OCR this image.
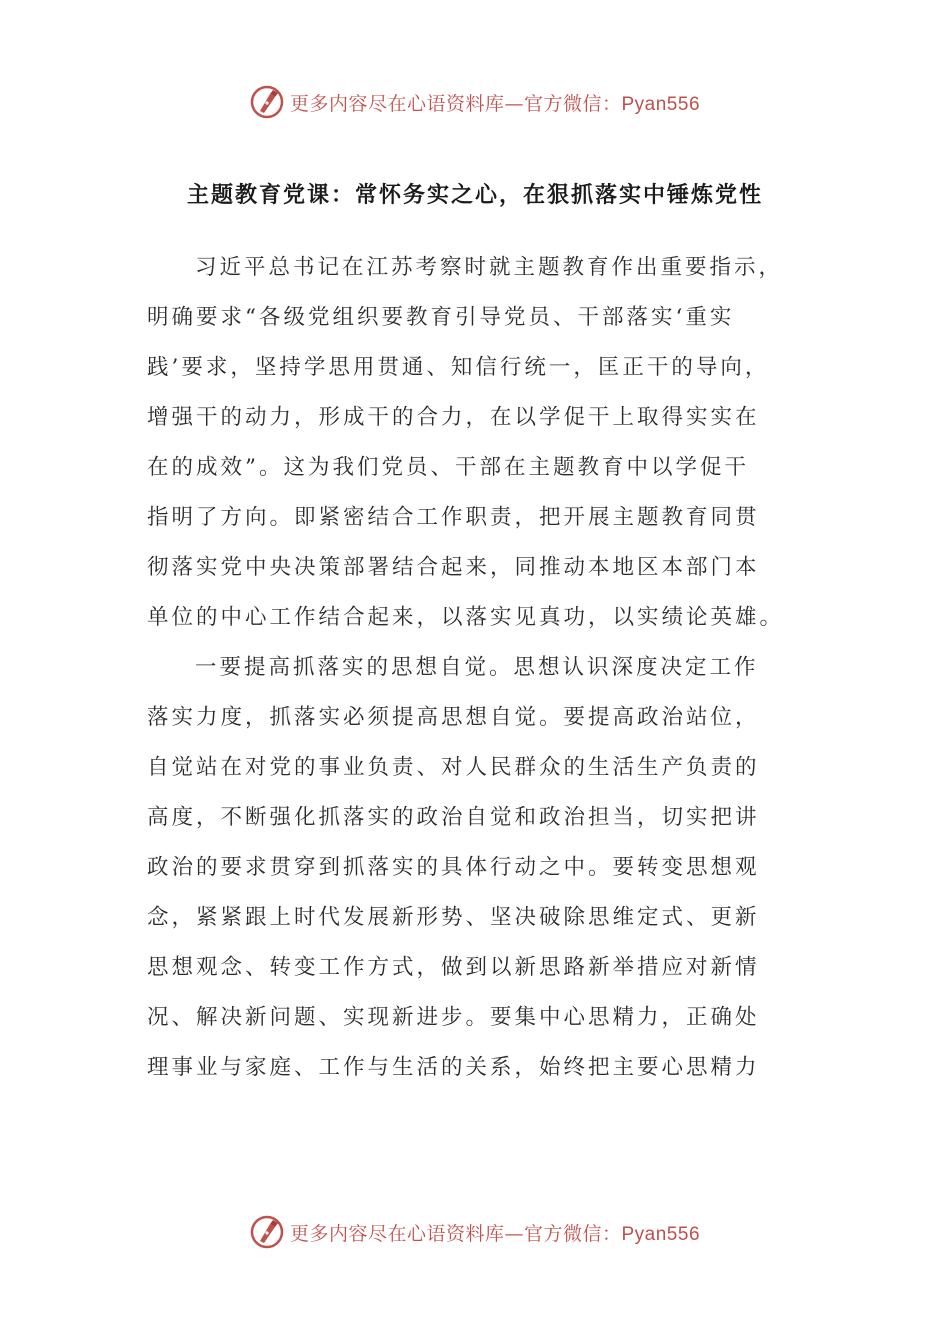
更多内容尽在心语资料库—官方微信：Pyan556
主题教育党课：常怀务实之心，在狠抓落实中锤炼党性
习近平总书记在江苏考察时就主题教育作出重要指示，
明确要求“各级党组织要教育引导党员、干部落实‘重实
践’要求，坚持学思用贯通、知信行统一，匡正干的导向，
增强干的动力，形成干的合力，在以学促干上取得实实在
在的成效”。这为我们党员、干部在主题教育中以学促干
指明了方向。即紧密结合工作职责，把开展主题教育同贯
彻落实党中央决策部署结合起来，同推动本地区本部门本
单位的中心工作结合起来，以落实见真功，以实绩论英雄。
一要提高抓落实的思想自觉。思想认识深度决定工作
落实力度，抓落实必须提高思想自觉。要提高政治站位，
自觉站在对党的事业负责、对人民群众的生活生产负责的
高度，不断强化抓落实的政治自觉和政治担当，切实把讲
政治的要求贯穿到抓落实的具体行动之中。要转变思想观
念，紧紧跟上时代发展新形势、坚决破除思维定式、更新
思想观念、转变工作方式，做到以新思路新举措应对新情
况、解决新问题、实现新进步。要集中心思精力，正确处
理事业与家庭、工作与生活的关系，始终把主要心思精力
更多内容尽在心语资料库—官方微信：Pyan556
